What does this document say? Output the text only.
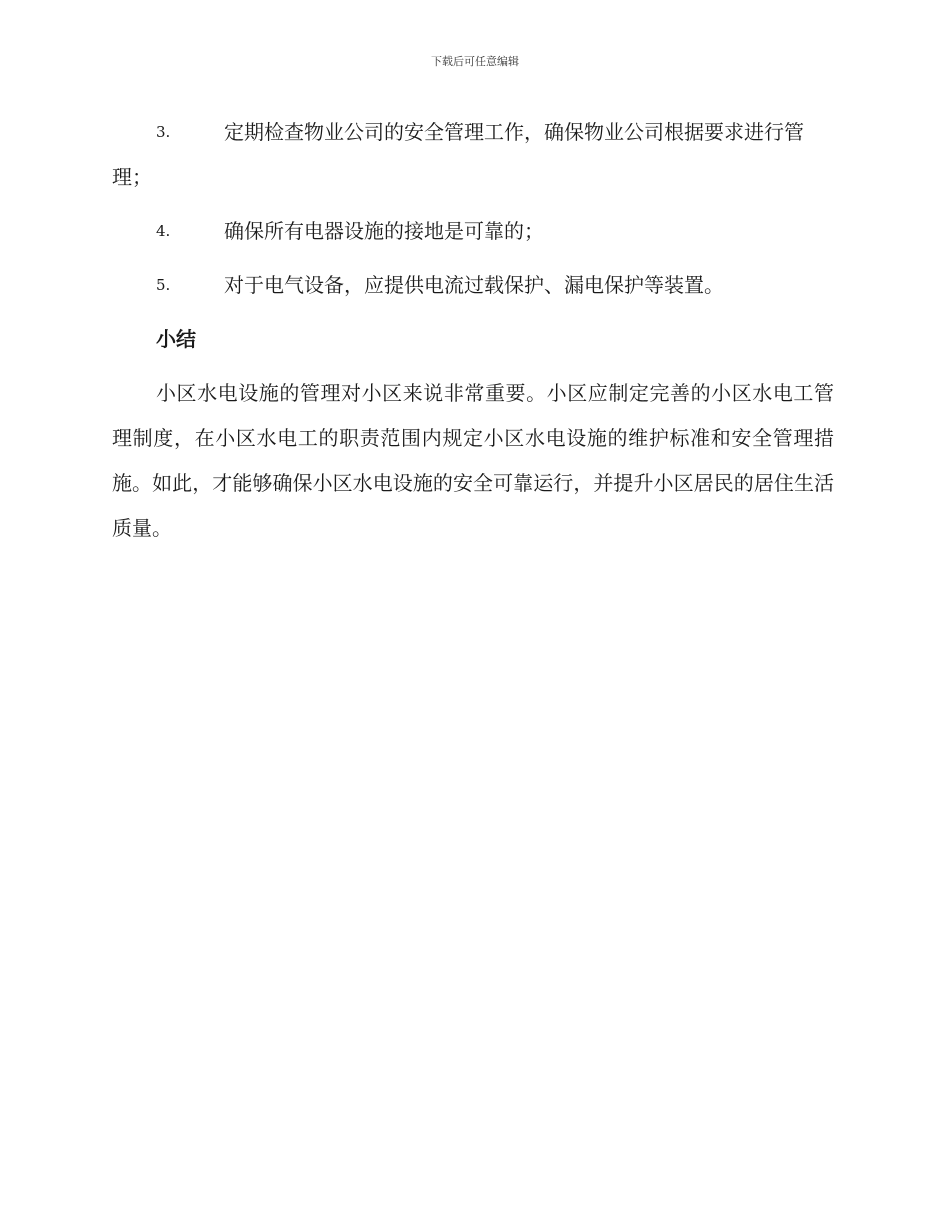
下载后可任意编辑

3.	定期检查物业公司的安全管理工作，确保物业公司根据要求进行管理；

4.	确保所有电器设施的接地是可靠的；

5.	对于电气设备，应提供电流过载保护、漏电保护等装置。

小结

小区水电设施的管理对小区来说非常重要。小区应制定完善的小区水电工管理制度，在小区水电工的职责范围内规定小区水电设施的维护标准和安全管理措施。如此，才能够确保小区水电设施的安全可靠运行，并提升小区居民的居住生活质量。
